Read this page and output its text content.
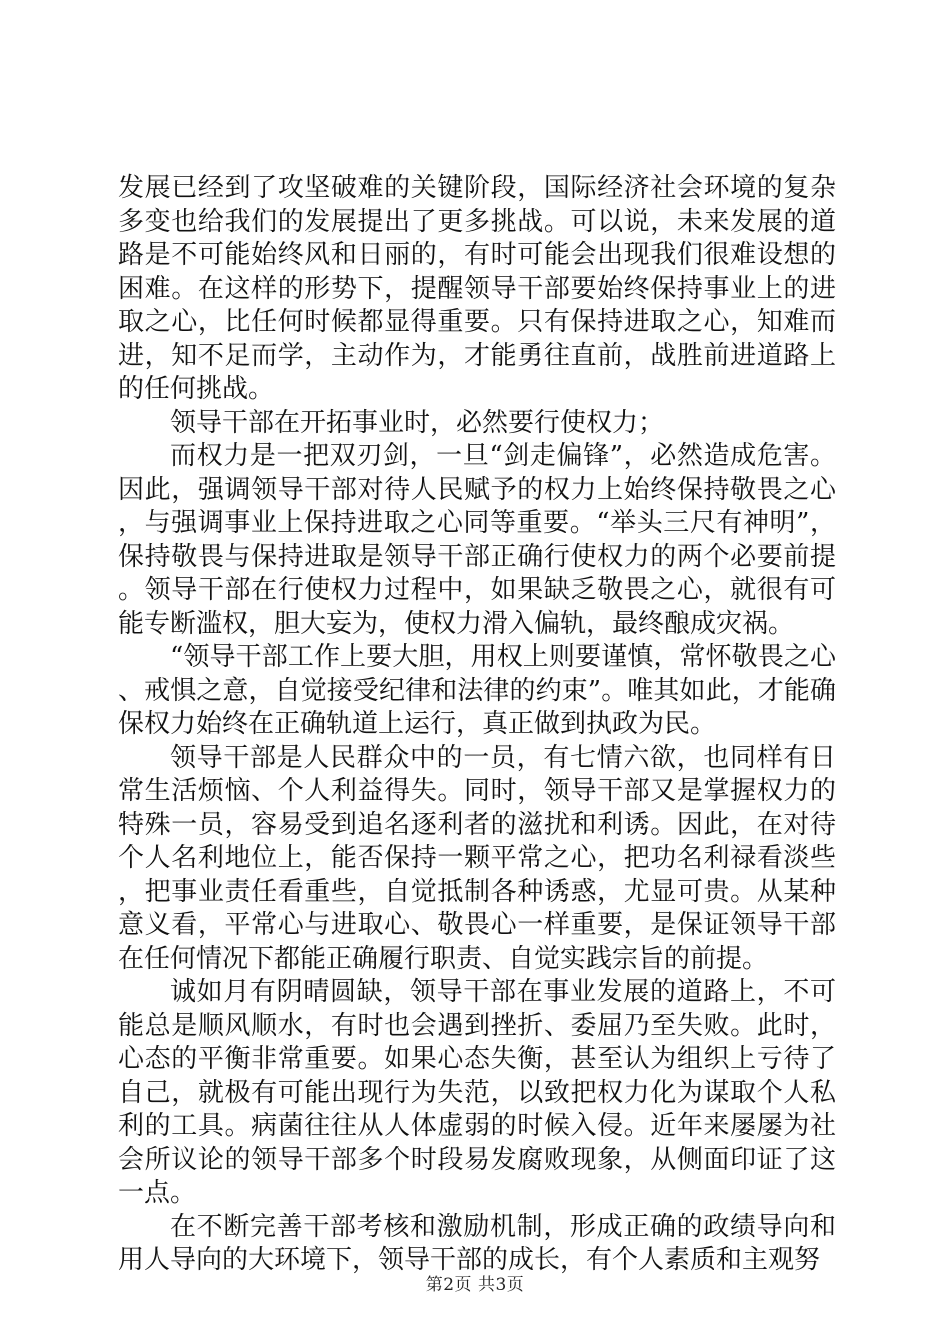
发展已经到了攻坚破难的关键阶段，国际经济社会环境的复杂多变也给我们的发展提出了更多挑战。可以说，未来发展的道路是不可能始终风和日丽的，有时可能会出现我们很难设想的困难。在这样的形势下，提醒领导干部要始终保持事业上的进取之心，比任何时候都显得重要。只有保持进取之心，知难而进，知不足而学，主动作为，才能勇往直前，战胜前进道路上的任何挑战。

领导干部在开拓事业时，必然要行使权力；

而权力是一把双刃剑，一旦“剑走偏锋”，必然造成危害。因此，强调领导干部对待人民赋予的权力上始终保持敬畏之心，与强调事业上保持进取之心同等重要。“举头三尺有神明”，保持敬畏与保持进取是领导干部正确行使权力的两个必要前提。领导干部在行使权力过程中，如果缺乏敬畏之心，就很有可能专断滥权，胆大妄为，使权力滑入偏轨，最终酿成灾祸。

“领导干部工作上要大胆，用权上则要谨慎，常怀敬畏之心、戒惧之意，自觉接受纪律和法律的约束”。唯其如此，才能确保权力始终在正确轨道上运行，真正做到执政为民。

领导干部是人民群众中的一员，有七情六欲，也同样有日常生活烦恼、个人利益得失。同时，领导干部又是掌握权力的特殊一员，容易受到追名逐利者的滋扰和利诱。因此，在对待个人名利地位上，能否保持一颗平常之心，把功名利禄看淡些，把事业责任看重些，自觉抵制各种诱惑，尤显可贵。从某种意义看，平常心与进取心、敬畏心一样重要，是保证领导干部在任何情况下都能正确履行职责、自觉实践宗旨的前提。

诚如月有阴晴圆缺，领导干部在事业发展的道路上，不可能总是顺风顺水，有时也会遇到挫折、委屈乃至失败。此时，心态的平衡非常重要。如果心态失衡，甚至认为组织上亏待了自己，就极有可能出现行为失范，以致把权力化为谋取个人私利的工具。病菌往往从人体虚弱的时候入侵。近年来屡屡为社会所议论的领导干部多个时段易发腐败现象，从侧面印证了这一点。

在不断完善干部考核和激励机制，形成正确的政绩导向和用人导向的大环境下，领导干部的成长，有个人素质和主观努

第2页 共3页
